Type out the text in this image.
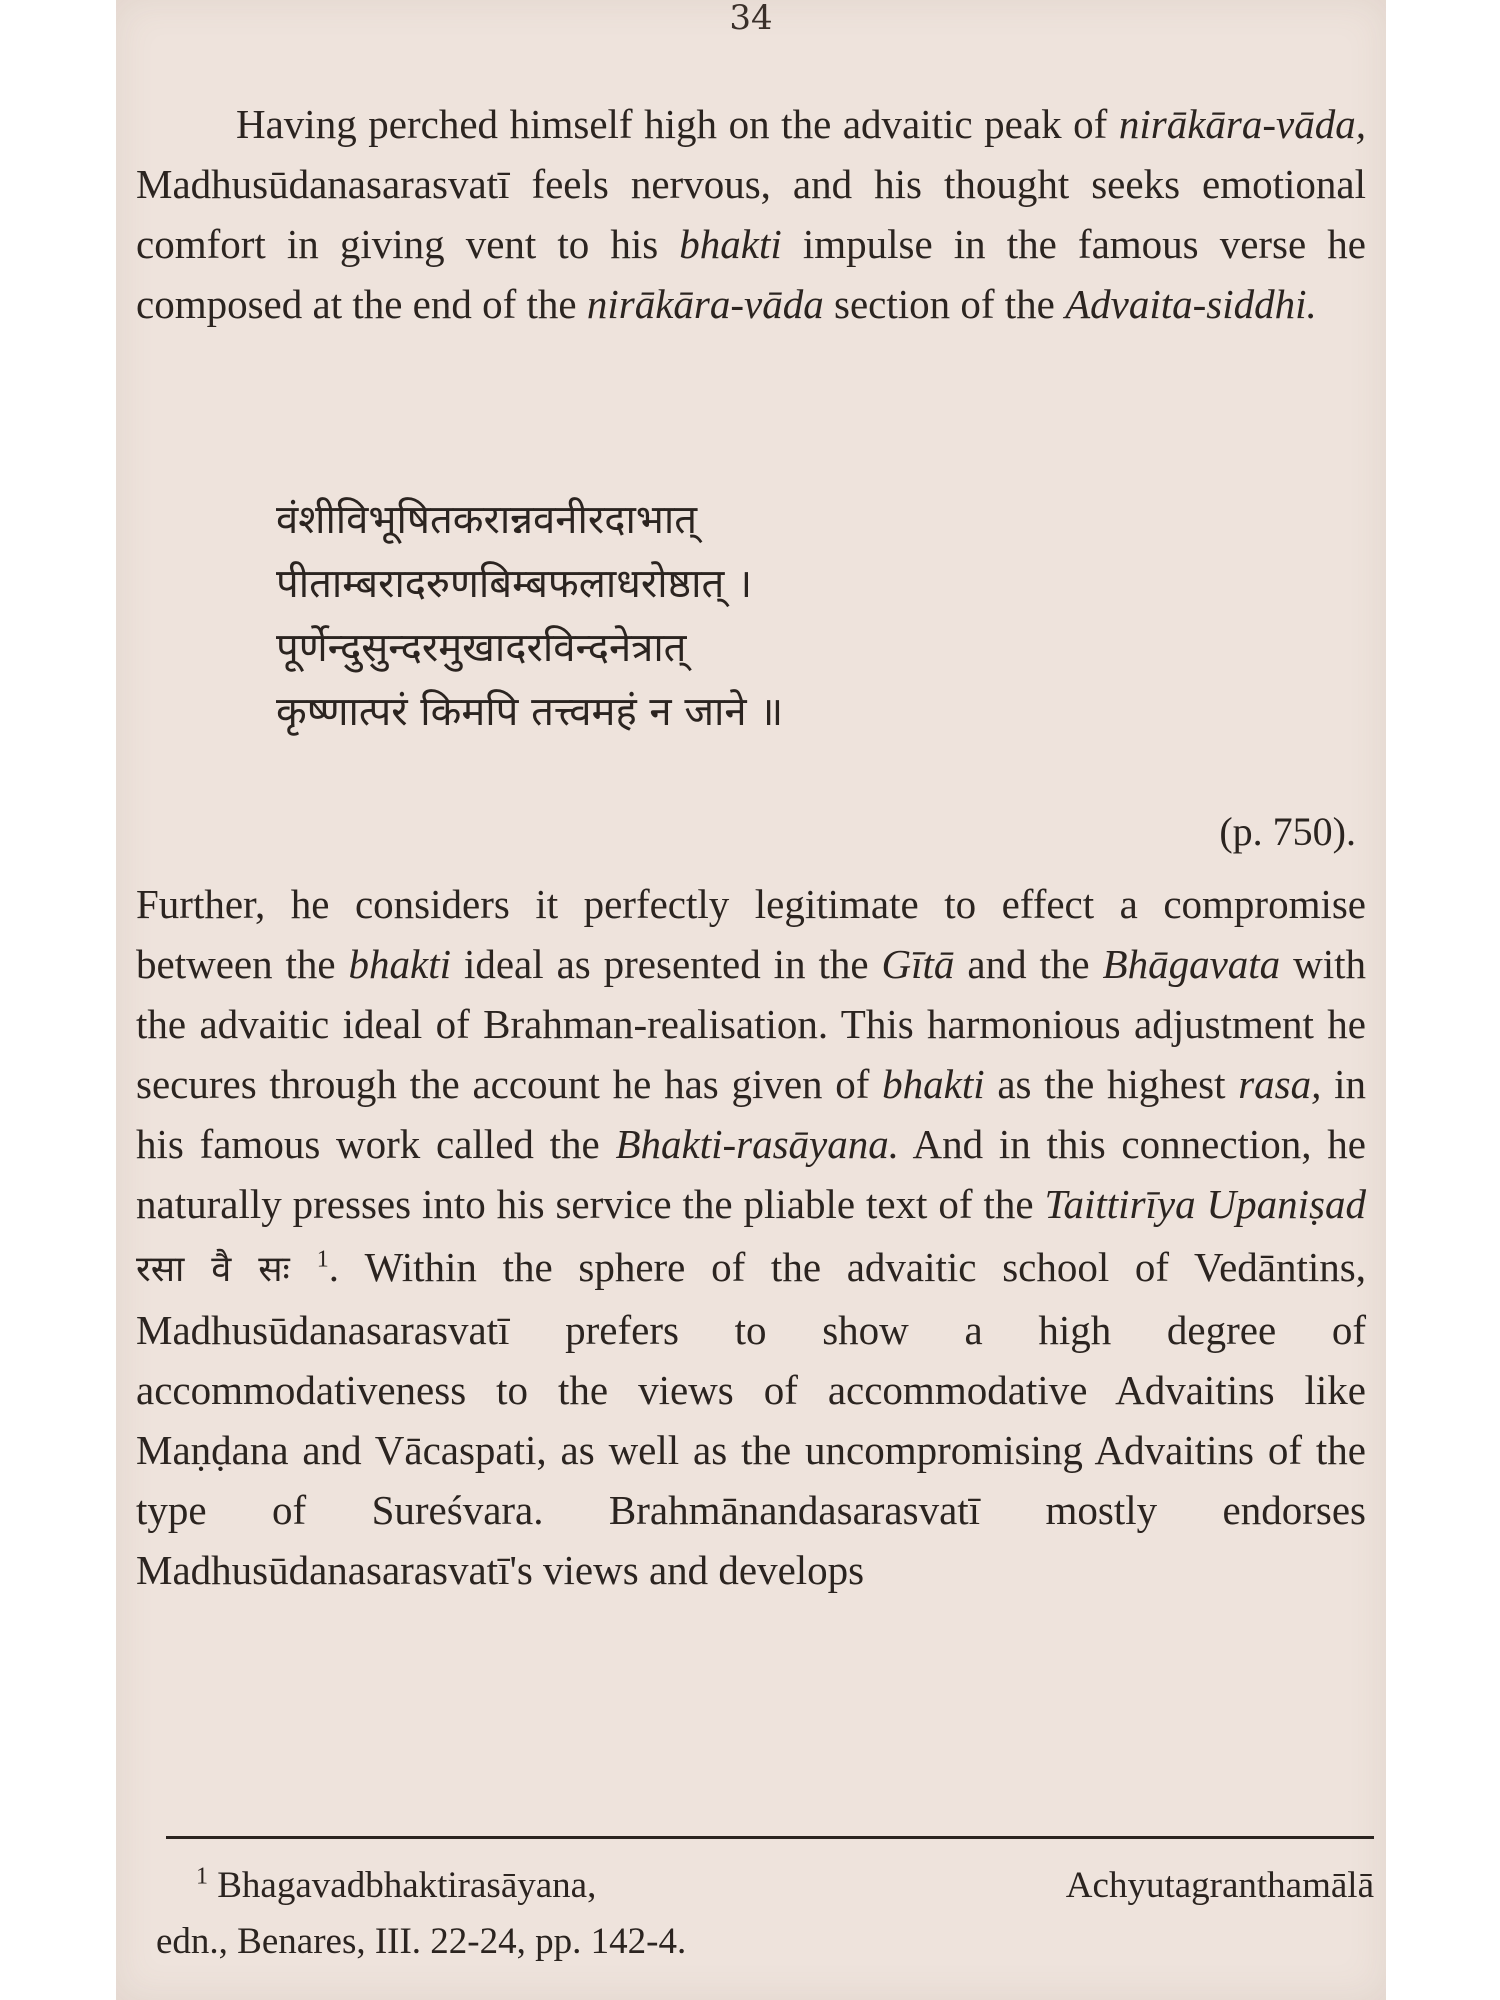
34

Having perched himself high on the advaitic peak of nirākāra-vāda, Madhusūdanasarasvatī feels nervous, and his thought seeks emotional comfort in giving vent to his bhakti impulse in the famous verse he composed at the end of the nirākāra-vāda section of the Advaita-siddhi.

वंशीविभूषितकरान्नवनीरदाभात्
पीताम्बरादरुणबिम्बफलाधरोष्ठात् ।
पूर्णेन्दुसुन्दरमुखादरविन्दनेत्रात्
कृष्णात्परं किमपि तत्त्वमहं न जाने ॥
(p. 750).

Further, he considers it perfectly legitimate to effect a compromise between the bhakti ideal as presented in the Gītā and the Bhāgavata with the advaitic ideal of Brahman-realisation. This harmonious adjustment he secures through the account he has given of bhakti as the highest rasa, in his famous work called the Bhakti-rasāyana. And in this connection, he naturally presses into his service the pliable text of the Taittirīya Upaniṣad रसा वै सः $^1$. Within the sphere of the advaitic school of Vedāntins, Madhusūdanasarasvatī prefers to show a high degree of accommodativeness to the views of accommodative Advaitins like Maṇḍana and Vācaspati, as well as the uncompromising Advaitins of the type of Sureśvara. Brahmānandasarasvatī mostly endorses Madhusūdanasarasvatī's views and develops

$^1$ Bhagavadbhaktirasāyana,	Achyutagranthamālā
edn., Benares, III. 22-24, pp. 142-4.
